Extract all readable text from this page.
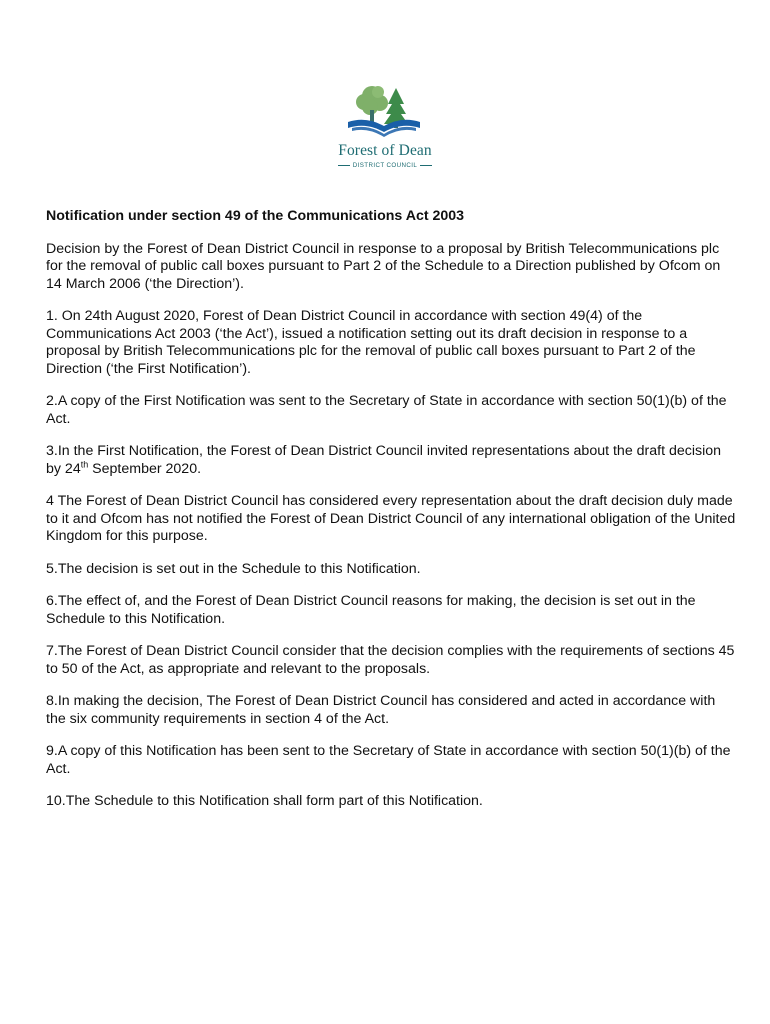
Forest of Dean
DISTRICT COUNCIL
Notification under section 49 of the Communications Act 2003

Decision by the Forest of Dean District Council in response to a proposal by British Telecommunications plc for the removal of public call boxes pursuant to Part 2 of the Schedule to a Direction published by Ofcom on 14 March 2006 (‘the Direction’).

1. On 24th August 2020, Forest of Dean District Council in accordance with section 49(4) of the Communications Act 2003 (‘the Act’), issued a notification setting out its draft decision in response to a proposal by British Telecommunications plc for the removal of public call boxes pursuant to Part 2 of the Direction (‘the First Notification’).

2.A copy of the First Notification was sent to the Secretary of State in accordance with section 50(1)(b) of the Act.

3.In the First Notification, the Forest of Dean District Council invited representations about the draft decision by 24th September 2020.

4 The Forest of Dean District Council has considered every representation about the draft decision duly made to it and Ofcom has not notified the Forest of Dean District Council of any international obligation of the United Kingdom for this purpose.

5.The decision is set out in the Schedule to this Notification.

6.The effect of, and the Forest of Dean District Council reasons for making, the decision is set out in the Schedule to this Notification.

7.The Forest of Dean District Council consider that the decision complies with the requirements of sections 45 to 50 of the Act, as appropriate and relevant to the proposals.

8.In making the decision, The Forest of Dean District Council has considered and acted in accordance with the six community requirements in section 4 of the Act.

9.A copy of this Notification has been sent to the Secretary of State in accordance with section 50(1)(b) of the Act.

10.The Schedule to this Notification shall form part of this Notification.
